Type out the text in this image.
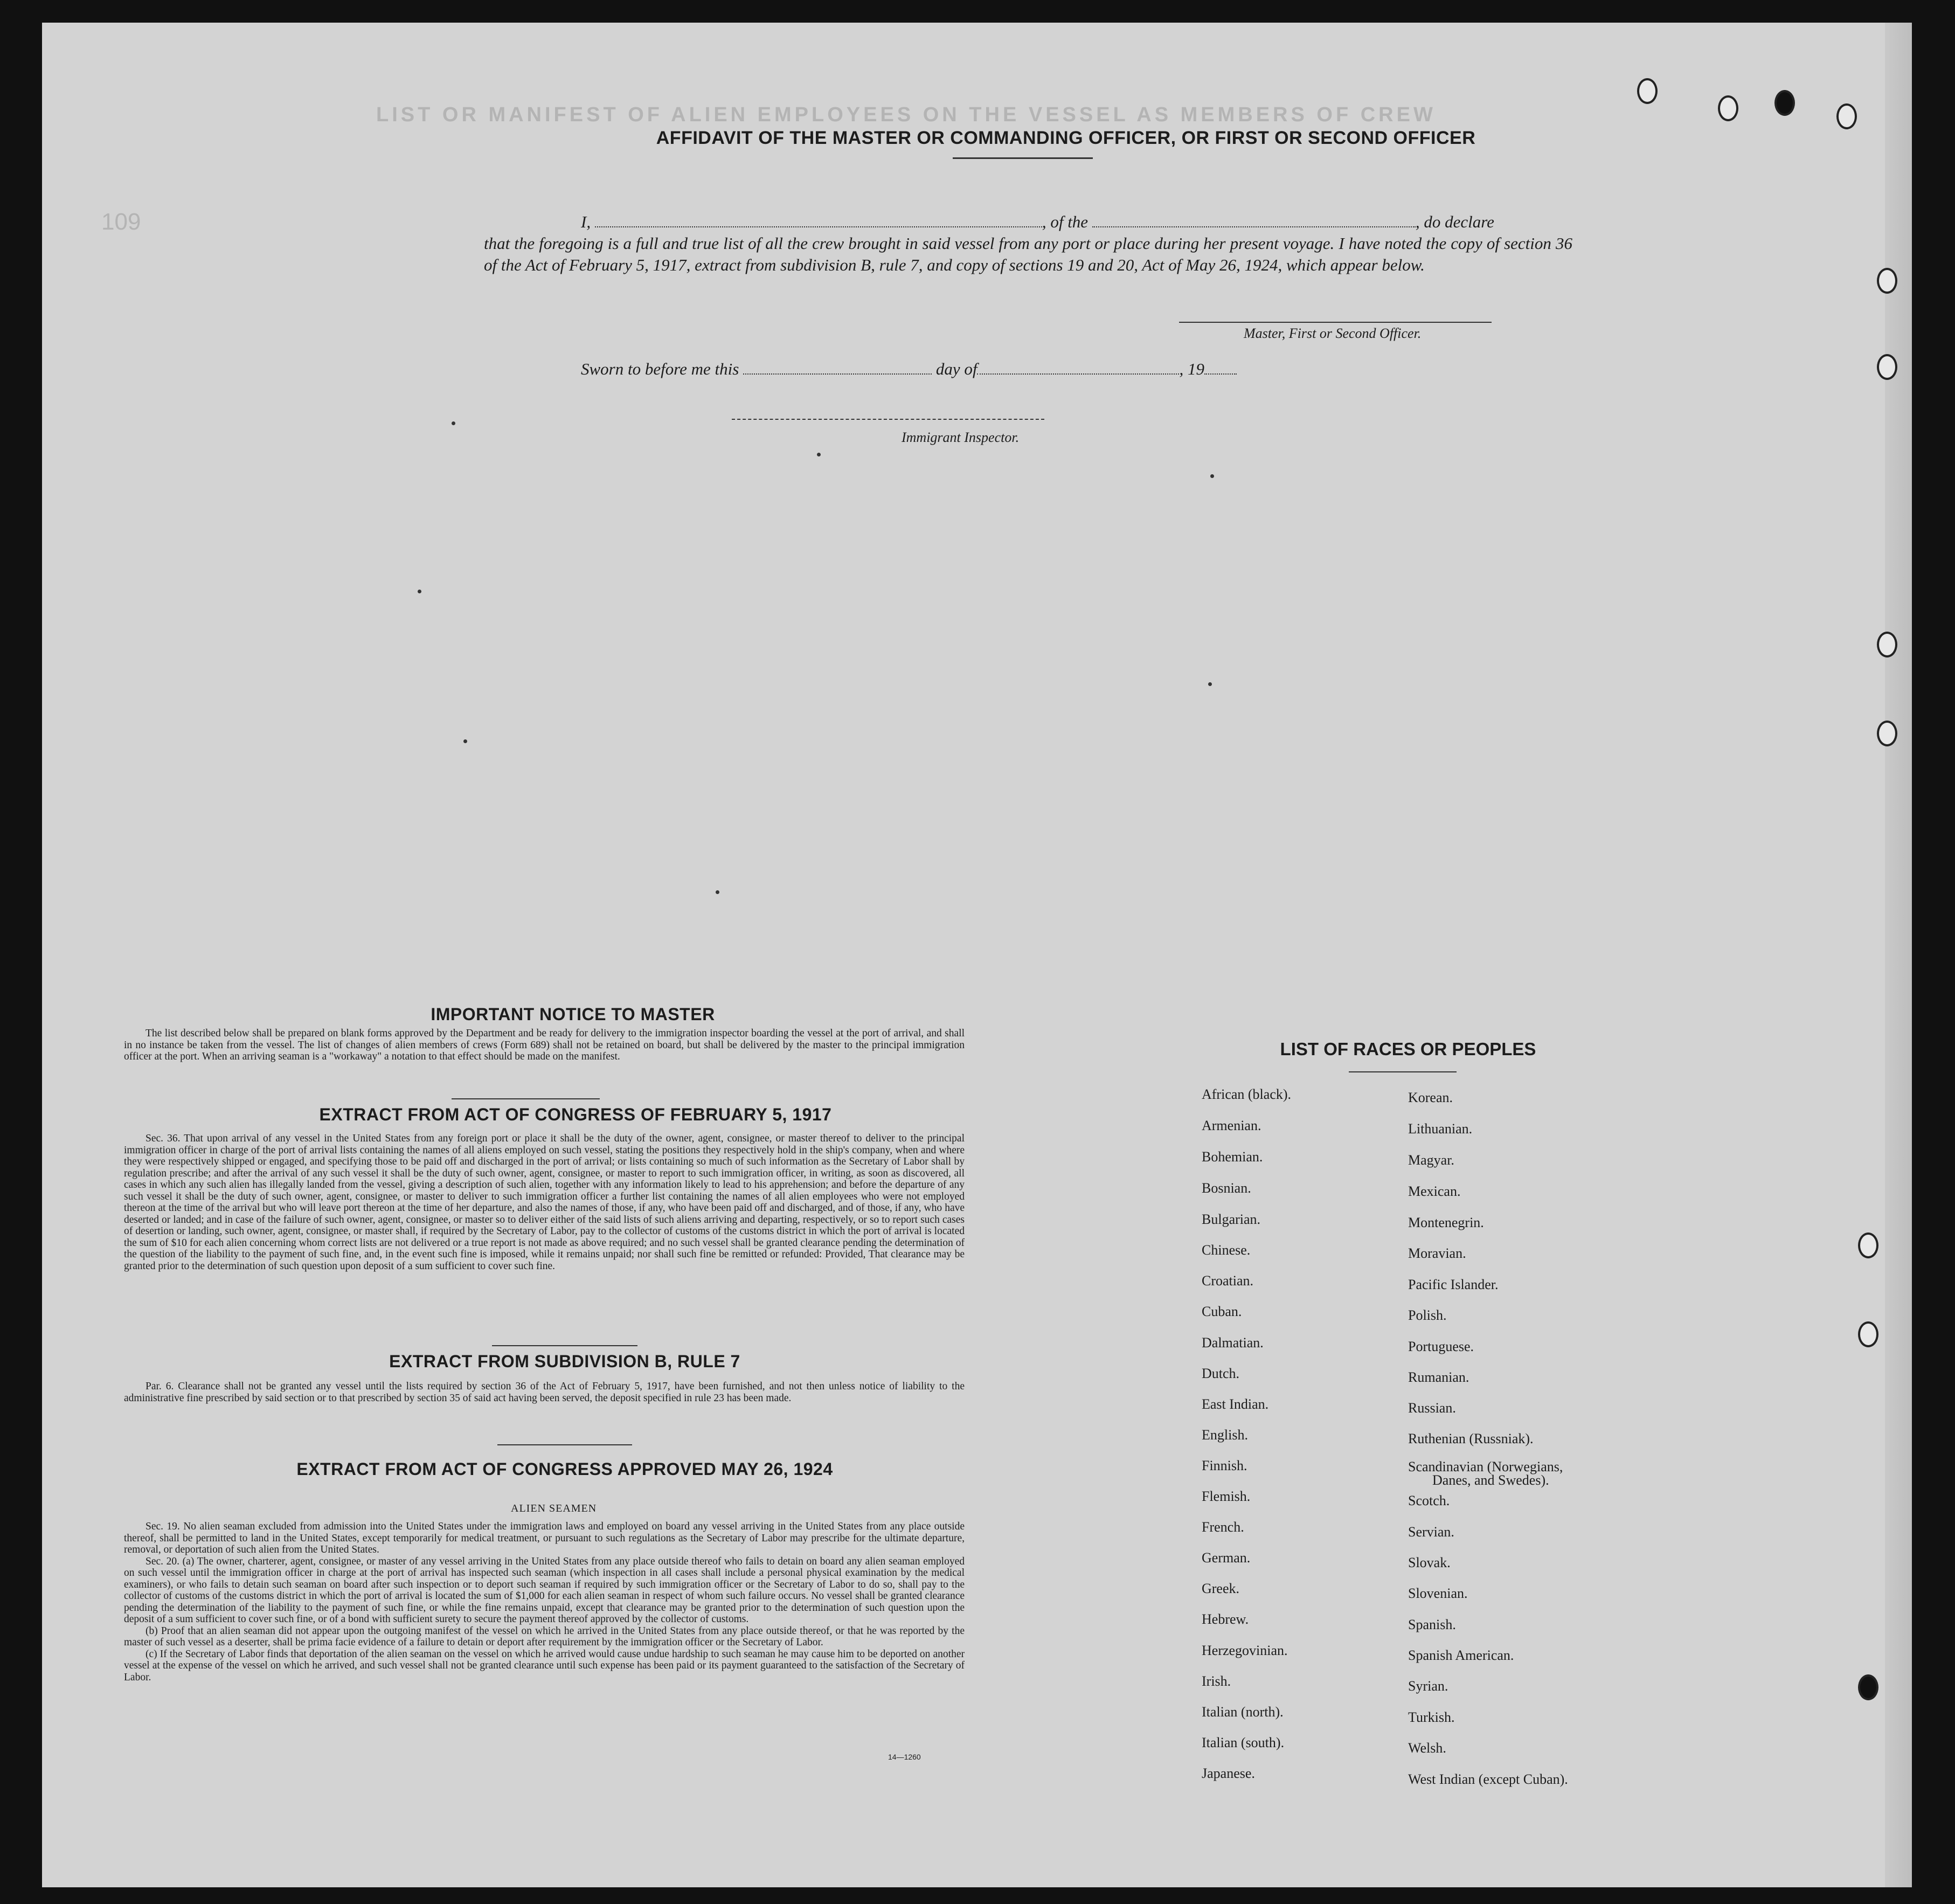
LIST OR MANIFEST OF ALIEN EMPLOYEES ON THE VESSEL AS MEMBERS OF CREW
109
AFFIDAVIT OF THE MASTER OR COMMANDING OFFICER, OR FIRST OR SECOND OFFICER
I,	, of the	, do declare
that the foregoing is a full and true list of all the crew brought in said vessel from any port or place during her present voyage. I have noted the copy of section 36 of the Act of February 5, 1917, extract from subdivision B, rule 7, and copy of sections 19 and 20, Act of May 26, 1924, which appear below.
Master, First or Second Officer.
Sworn to before me this	day of	, 19
Immigrant Inspector.
IMPORTANT NOTICE TO MASTER
The list described below shall be prepared on blank forms approved by the Department and be ready for delivery to the immigration inspector boarding the vessel at the port of arrival, and shall in no instance be taken from the vessel. The list of changes of alien members of crews (Form 689) shall not be retained on board, but shall be delivered by the master to the principal immigration officer at the port. When an arriving seaman is a "workaway" a notation to that effect should be made on the manifest.
EXTRACT FROM ACT OF CONGRESS OF FEBRUARY 5, 1917
Sec. 36. That upon arrival of any vessel in the United States from any foreign port or place it shall be the duty of the owner, agent, consignee, or master thereof to deliver to the principal immigration officer in charge of the port of arrival lists containing the names of all aliens employed on such vessel, stating the positions they respectively hold in the ship's company, when and where they were respectively shipped or engaged, and specifying those to be paid off and discharged in the port of arrival; or lists containing so much of such information as the Secretary of Labor shall by regulation prescribe; and after the arrival of any such vessel it shall be the duty of such owner, agent, consignee, or master to report to such immigration officer, in writing, as soon as discovered, all cases in which any such alien has illegally landed from the vessel, giving a description of such alien, together with any information likely to lead to his apprehension; and before the departure of any such vessel it shall be the duty of such owner, agent, consignee, or master to deliver to such immigration officer a further list containing the names of all alien employees who were not employed thereon at the time of the arrival but who will leave port thereon at the time of her departure, and also the names of those, if any, who have been paid off and discharged, and of those, if any, who have deserted or landed; and in case of the failure of such owner, agent, consignee, or master so to deliver either of the said lists of such aliens arriving and departing, respectively, or so to report such cases of desertion or landing, such owner, agent, consignee, or master shall, if required by the Secretary of Labor, pay to the collector of customs of the customs district in which the port of arrival is located the sum of $10 for each alien concerning whom correct lists are not delivered or a true report is not made as above required; and no such vessel shall be granted clearance pending the determination of the question of the liability to the payment of such fine, and, in the event such fine is imposed, while it remains unpaid; nor shall such fine be remitted or refunded: Provided, That clearance may be granted prior to the determination of such question upon deposit of a sum sufficient to cover such fine.
EXTRACT FROM SUBDIVISION B, RULE 7
Par. 6. Clearance shall not be granted any vessel until the lists required by section 36 of the Act of February 5, 1917, have been furnished, and not then unless notice of liability to the administrative fine prescribed by said section or to that prescribed by section 35 of said act having been served, the deposit specified in rule 23 has been made.
EXTRACT FROM ACT OF CONGRESS APPROVED MAY 26, 1924
ALIEN SEAMEN

Sec. 19. No alien seaman excluded from admission into the United States under the immigration laws and employed on board any vessel arriving in the United States from any place outside thereof, shall be permitted to land in the United States, except temporarily for medical treatment, or pursuant to such regulations as the Secretary of Labor may prescribe for the ultimate departure, removal, or deportation of such alien from the United States.

Sec. 20. (a) The owner, charterer, agent, consignee, or master of any vessel arriving in the United States from any place outside thereof who fails to detain on board any alien seaman employed on such vessel until the immigration officer in charge at the port of arrival has inspected such seaman (which inspection in all cases shall include a personal physical examination by the medical examiners), or who fails to detain such seaman on board after such inspection or to deport such seaman if required by such immigration officer or the Secretary of Labor to do so, shall pay to the collector of customs of the customs district in which the port of arrival is located the sum of $1,000 for each alien seaman in respect of whom such failure occurs. No vessel shall be granted clearance pending the determination of the liability to the payment of such fine, or while the fine remains unpaid, except that clearance may be granted prior to the determination of such question upon the deposit of a sum sufficient to cover such fine, or of a bond with sufficient surety to secure the payment thereof approved by the collector of customs.

(b) Proof that an alien seaman did not appear upon the outgoing manifest of the vessel on which he arrived in the United States from any place outside thereof, or that he was reported by the master of such vessel as a deserter, shall be prima facie evidence of a failure to detain or deport after requirement by the immigration officer or the Secretary of Labor.

(c) If the Secretary of Labor finds that deportation of the alien seaman on the vessel on which he arrived would cause undue hardship to such seaman he may cause him to be deported on another vessel at the expense of the vessel on which he arrived, and such vessel shall not be granted clearance until such expense has been paid or its payment guaranteed to the satisfaction of the Secretary of Labor.

14—1260
LIST OF RACES OR PEOPLES
African (black).
Armenian.
Bohemian.
Bosnian.
Bulgarian.
Chinese.
Croatian.
Cuban.
Dalmatian.
Dutch.
East Indian.
English.
Finnish.
Flemish.
French.
German.
Greek.
Hebrew.
Herzegovinian.
Irish.
Italian (north).
Italian (south).
Japanese.
Korean.
Lithuanian.
Magyar.
Mexican.
Montenegrin.
Moravian.
Pacific Islander.
Polish.
Portuguese.
Rumanian.
Russian.
Ruthenian (Russniak).
Scandinavian (Norwegians,
Danes, and Swedes).
Scotch.
Servian.
Slovak.
Slovenian.
Spanish.
Spanish American.
Syrian.
Turkish.
Welsh.
West Indian (except Cuban).
